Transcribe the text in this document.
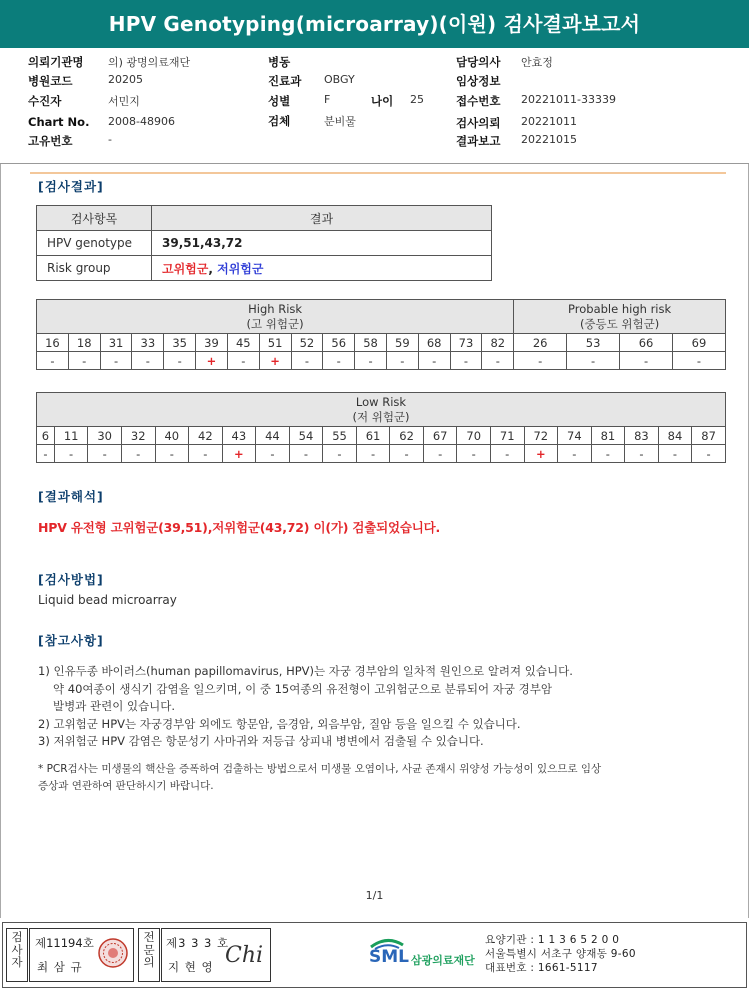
HPV Genotyping(microarray)(이원) 검사결과보고서
의뢰기관명 의) 광명의료재단
병원코드	20205
수진자	서민지
Chart No. 2008-48906
고유번호	-
병동
진료과 OBGY
성별	F	나이 25
검체	분비물
담당의사 안효정
임상정보
접수번호 20221011-33339
검사의뢰 20221011
결과보고 20221015
[검사결과]
검사항목	결과
HPV genotype	39,51,43,72
Risk group	고위험군, 저위험군
High Risk
(고 위험군)															Probable high risk
(중등도 위험군)			
16	18	31	33	35	39	45	51	52	56	58	59	68	73	82	26	53	66	69
-	-	-	-	-	+	-	+	-	-	-	-	-	-	-	-	-	-	-
Low Risk
(저 위험군)																				
6	11	30	32	40	42	43	44	54	55	61	62	67	70	71	72	74	81	83	84	87
-	-	-	-	-	-	+	-	-	-	-	-	-	-	-	+	-	-	-	-	-
[결과해석]
HPV 유전형 고위험군(39,51),저위험군(43,72) 이(가) 검출되었습니다.
[검사방법]
Liquid bead microarray
[참고사항]
1) 인유두종 바이러스(human papillomavirus, HPV)는 자궁 경부암의 일차적 원인으로 알려져 있습니다.
약 40여종이 생식기 감염을 일으키며, 이 중 15여종의 유전형이 고위험군으로 분류되어 자궁 경부암
발병과 관련이 있습니다.
2) 고위험군 HPV는 자궁경부암 외에도 항문암, 음경암, 외음부암, 질암 등을 일으킬 수 있습니다.
3) 저위험군 HPV 감염은 항문성기 사마귀와 저등급 상피내 병변에서 검출될 수 있습니다.
* PCR검사는 미생물의 핵산을 증폭하여 검출하는 방법으로서 미생물 오염이나, 사균 존재시 위양성 가능성이 있으므로 임상
증상과 연관하여 판단하시기 바랍니다.
1/1
검사자
제11194호
최 삼 규
전문의
제3 3 3 호
지 현 영 Chi	SML 삼광의료재단
요양기관 : 1 1 3 6 5 2 0 0
서울특별시 서초구 양재동 9-60
대표번호 : 1661-5117
